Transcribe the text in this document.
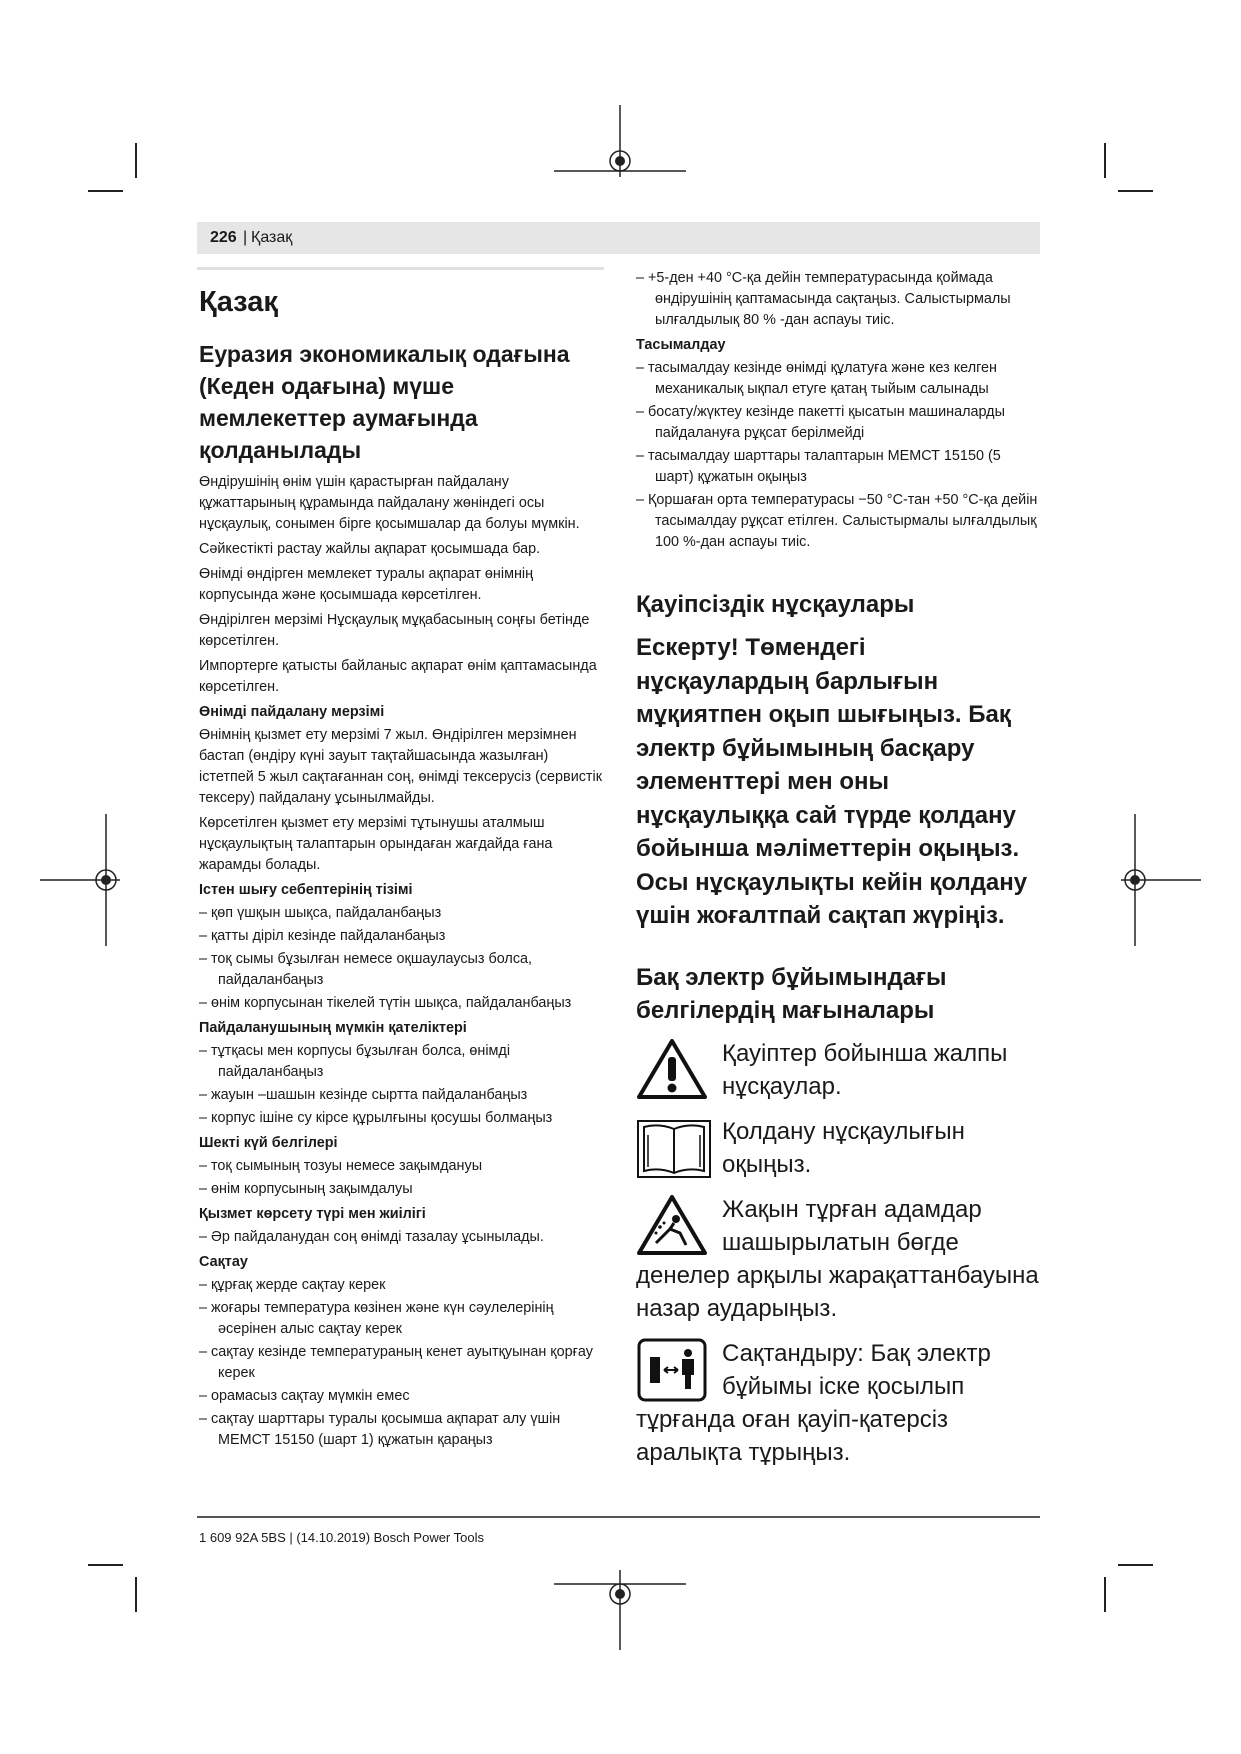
226 | Қазақ
Қазақ
Еуразия экономикалық одағына (Кеден одағына) мүше мемлекеттер аумағында қолданылады

Өндірушінің өнім үшін қарастырған пайдалану құжаттарының құрамында пайдалану жөніндегі осы нұсқаулық, сонымен бірге қосымшалар да болуы мүмкін.

Сәйкестікті растау жайлы ақпарат қосымшада бар.

Өнімді өндірген мемлекет туралы ақпарат өнімнің корпусында және қосымшада көрсетілген.

Өндірілген мерзімі Нұсқаулық мұқабасының соңғы бетінде көрсетілген.

Импортерге қатысты байланыс ақпарат өнім қаптамасында көрсетілген.

Өнімді пайдалану мерзімі

Өнімнің қызмет ету мерзімі 7 жыл. Өндірілген мерзімнен бастап (өндіру күні зауыт тақтайшасында жазылған) істетпей 5 жыл сақтағаннан соң, өнімді тексерусіз (сервистік тексеру) пайдалану ұсынылмайды.

Көрсетілген қызмет ету мерзімі тұтынушы аталмыш нұсқаулықтың талаптарын орындаған жағдайда ғана жарамды болады.

Істен шығу себептерінің тізімі
– қөп үшқын шықса, пайдаланбаңыз
– қатты діріл кезінде пайдаланбаңыз
– тоқ сымы бұзылған немесе оқшаулаусыз болса, пайдаланбаңыз
– өнім корпусынан тікелей түтін шықса, пайдаланбаңыз
Пайдаланушының мүмкін қателіктері
– тұтқасы мен корпусы бұзылған болса, өнімді пайдаланбаңыз
– жауын –шашын кезінде сыртта пайдаланбаңыз
– корпус ішіне су кірсе құрылғыны қосушы болмаңыз
Шекті күй белгілері
– тоқ сымының тозуы немесе зақымдануы
– өнім корпусының зақымдалуы
Қызмет көрсету түрі мен жиілігі
– Әр пайдаланудан соң өнімді тазалау ұсынылады.
Сақтау
– құрғақ жерде сақтау керек
– жоғары температура көзінен және күн сәулелерінің әсерінен алыс сақтау керек
– сақтау кезінде температураның кенет ауытқуынан қорғау керек
– орамасыз сақтау мүмкін емес
– сақтау шарттары туралы қосымша ақпарат алу үшін МЕМСТ 15150 (шарт 1) құжатын қараңыз
– +5-ден +40 °C-қа дейін температурасында қоймада өндірушінің қаптамасында сақтаңыз. Салыстырмалы ылғалдылық 80 % -дан аспауы тиіс.
Тасымалдау
– тасымалдау кезінде өнімді құлатуға және кез келген механикалық ықпал етуге қатаң тыйым салынады
– босату/жүктеу кезінде пакетті қысатын машиналарды пайдалануға рұқсат берілмейді
– тасымалдау шарттары талаптарын МЕМСТ 15150 (5 шарт) құжатын оқыңыз
– Қоршаған орта температурасы −50 °C-тан +50 °C-қа дейін тасымалдау рұқсат етілген. Салыстырмалы ылғалдылық 100 %-дан аспауы тиіс.
Қауіпсіздік нұсқаулары
Ескерту! Төмендегі нұсқаулардың барлығын мұқиятпен оқып шығыңыз. Бақ электр бұйымының басқару элементтері мен оны нұсқаулыққа сай түрде қолдану бойынша мәліметтерін оқыңыз. Осы нұсқаулықты кейін қолдану үшін жоғалтпай сақтап жүріңіз.
Бақ электр бұйымындағы белгілердің мағыналары
Қауіптер бойынша жалпы нұсқаулар.
Қолдану нұсқаулығын оқыңыз.
Жақын тұрған адамдар шашырылатын бөгде денелер арқылы жарақаттанбауына назар аударыңыз.
Сақтандыру: Бақ электр бұйымы іске қосылып тұрғанда оған қауіп-қатерсіз аралықта тұрыңыз.
1 609 92A 5BS | (14.10.2019) Bosch Power Tools
